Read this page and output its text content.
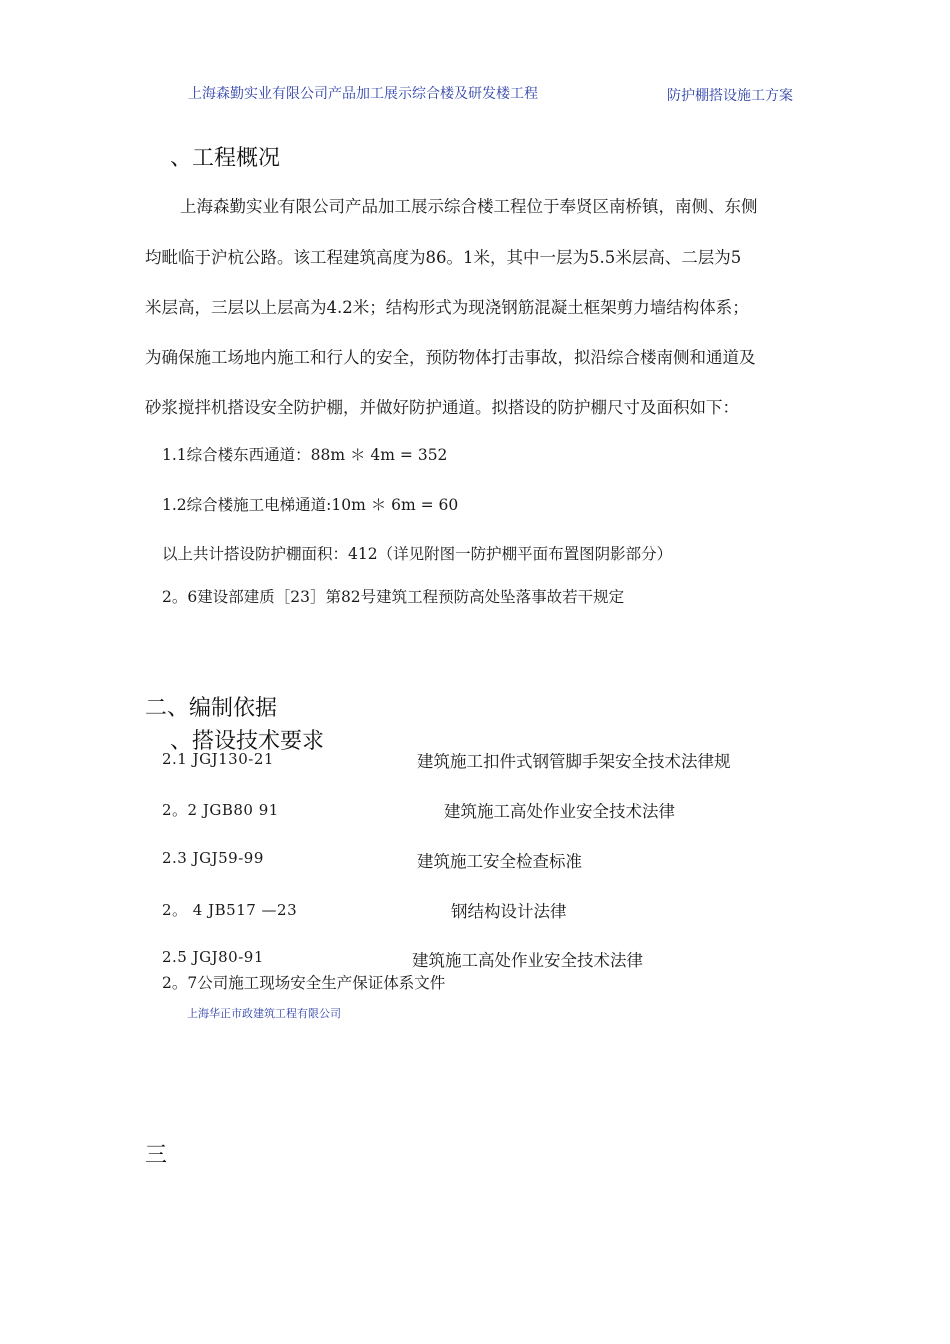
上海森勤实业有限公司产品加工展示综合楼及研发楼工程	防护棚搭设施工方案
、工程概况
上海森勤实业有限公司产品加工展示综合楼工程位于奉贤区南桥镇，南侧、东侧
均毗临于沪杭公路。该工程建筑高度为86。1米，其中一层为5.5米层高、二层为5
米层高，三层以上层高为4.2米；结构形式为现浇钢筋混凝土框架剪力墙结构体系；
为确保施工场地内施工和行人的安全，预防物体打击事故，拟沿综合楼南侧和通道及
砂浆搅拌机搭设安全防护棚，并做好防护通道。拟搭设的防护棚尺寸及面积如下：
1.1综合楼东西通道：88m ＊ 4m = 352
1.2综合楼施工电梯通道:10m ＊ 6m = 60
以上共计搭设防护棚面积：412（详见附图一防护棚平面布置图阴影部分）
2。6建设部建质［23］第82号建筑工程预防高处坠落事故若干规定
二、编制依据
、搭设技术要求
2.1 JGJ130-21	建筑施工扣件式钢管脚手架安全技术法律规
2。2 JGB80 91	建筑施工高处作业安全技术法律
2.3 JGJ59-99	建筑施工安全检查标准
2。 4 JB517 —23	钢结构设计法律
2.5 JGJ80-91	建筑施工高处作业安全技术法律
2。7公司施工现场安全生产保证体系文件
上海华正市政建筑工程有限公司
三
